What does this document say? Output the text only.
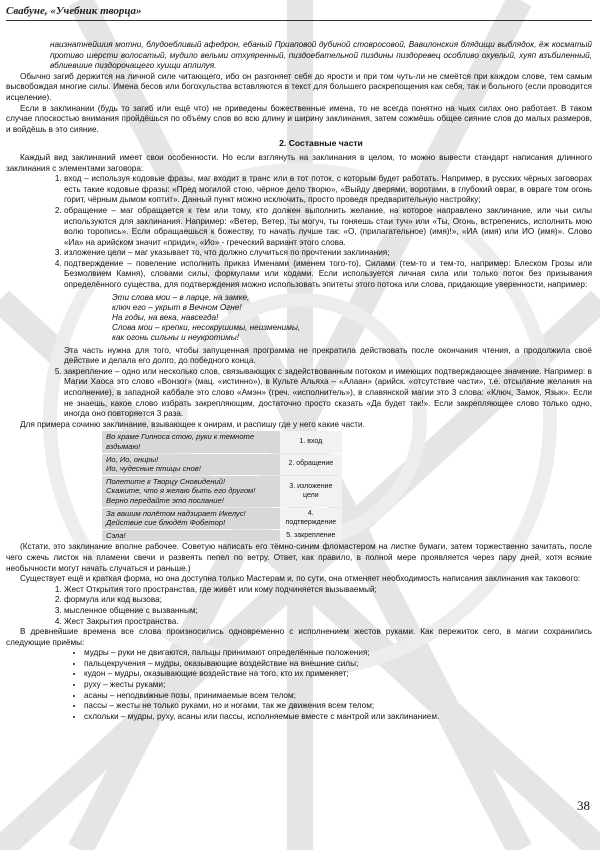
Свабуне, «Учебник творца»

наизнатнейшия мотни, блудоебливый афедрон, ебаный Приаповой дубиной стовросовой, Вавилонския блядищи выблядок, ёж косматый противо шерсти волосатый, мудило вельми отхуяренный, пиздоебательной пиздины пиздоревец особливо охуелый, хуяп взъбиленный, вблиевшие пиздорочащего хуищи аплилуя.

Обычно загиб держится на личной силе читающего, ибо он разгоняет себя до ярости и при том чуть-ли не смеётся при каждом слове, тем самым высвобождая многие силы. Имена бесов или богохульства вставляются в текст для большего раскрепощения как себя, так и больного (если проводится исцеление).

Если в заклинании (будь то загиб или ещё что) не приведены божественные имена, то не всегда понятно на чьих силах оно работает. В таком случае плоскостью внимания пройдёшься по объёму слов во всю длину и ширину заклинания, затем сожмёшь общее сияние слов до малых размеров, и войдёшь в это сияние.

2. Составные части

Каждый вид заклинаний имеет свои особенности. Но если взглянуть на заклинания в целом, то можно вывести стандарт написания длинного заклинания с элементами заговора:

1. вход – используя кодовые фразы, маг входит в транс или в тот поток, с которым будет работать. Например, в русских чёрных заговорах есть такие кодовые фразы: «Пред могилой стою, чёрное дело творю», «Выйду дверями, воротами, в глубокий овраг, в овраге том огонь горит, чёрным дымом коптит». Данный пункт можно исключить, просто проведя предварительную настройку;
2. обращение – маг обращается к тем или тому, кто должен выполнить желание, на которое направлено заклинание, или чьи силы используются для заклинания. Например: «Ветер, Ветер, ты могуч, ты гоняешь стаи туч» или «Ты, Огонь, встрепенись, исполнить мою волю торопись». Если обращаешься к божеству, то начать лучше так: «О, (прилагательное) (имя)!», «ИА (имя) или ИО (имя)». Слово «Иа» на арийском значит «приди», «Ио» - греческий вариант этого слова.
3. изложение цели – маг указывает то, что должно случиться по прочтении заклинания;
4. подтверждение – повеление исполнить приказ Именами (именем того-то), Силами (тем-то и тем-то, например: Блеском Грозы или Безмолвием Камня), словами силы, формулами или кодами. Если используется личная сила или только поток без призывания определённого существа, для подтверждения можно использовать эпитеты этого потока или слова, придающие уверенности, например:
Эти слова мои – в ларце, на замке,
ключ его – укрыт в Вечном Огне!
На годы, на века, навсегда!
Слова мои – крепки, несокрушимы, неизменимы,
как огонь сильны и неукротимы!

Эта часть нужна для того, чтобы запущенная программа не прекратила действовать после окончания чтения, а продолжила своё действие и делала его долго, до победного конца.

5. закрепление – одно или несколько слов, связывающих с задействованным потоком и имеющих подтверждающее значение. Например: в Магии Хаоса это слово «Вонзог» (мац. «истинно»), в Культе Альяха – «Алаан» (арийск. «отсутствие части», т.е. отсылание желания на исполнение), в западной каббале это слово «Амэн» (греч. «исполнитель»), в славянской магии это 3 слова: «Ключ, Замок, Язык». Если не знаешь, какое слово избрать закрепляющим, достаточно просто сказать «Да будет так!». Если закрепляющее слово только одно, иногда оно повторяется 3 раза.

Для примера сочиню заклинание, взывающее к онирам, и распишу где у него какие части.

Во храме Гипноса стою, руки к темноте вздымаю!	1. вход

Ио, Ио, ониры!
Ио, чудесные птицы снов!	2. обращение

Полетите к Творцу Сновидений!
Скажите, что я желаю быть его другом!
Верно передайте это послание!	3. изложение цели

За вашим полётом надзирает Икелус!
Действие сие блюдёт Фобетор!	4. подтверждение

Сэла!	5. закрепление

(Кстати, это заклинание вполне рабочее. Советую написать его тёмно-синим фломастером на листке бумаги, затем торжественно зачитать, после чего сжечь листок на пламени свечи и развеять пепел по ветру. Ответ, как правило, в полной мере проявляется через пару дней, хотя всякие необычности могут начать случаться и раньше.)

Существует ещё и краткая форма, но она доступна только Мастерам и, по сути, она отменяет необходимость написания заклинания как такового:

1. Жест Открытия того пространства, где живёт или кому подчиняется вызываемый;
2. формула или код вызова;
3. мысленное общение с вызванным;
4. Жест Закрытия пространства.

В древнейшие времена все слова произносились одновременно с исполнением жестов руками. Как пережиток сего, в магии сохранились следующие приёмы:

• мудры – руки не двигаются, пальцы принимают определённые положения;
• пальцекручения – мудры, оказывающие воздействие на внешние силы;
• кудон – мудры, оказывающие воздействие на того, кто их применяет;
• руху – жесты руками;
• асаны – неподвижные позы, принимаемые всем телом;
• пассы – жесты не только руками, но и ногами, так же движения всем телом;
• схлольки – мудры, руху, асаны или пассы, исполняемые вместе с мантрой или заклинанием.
38
